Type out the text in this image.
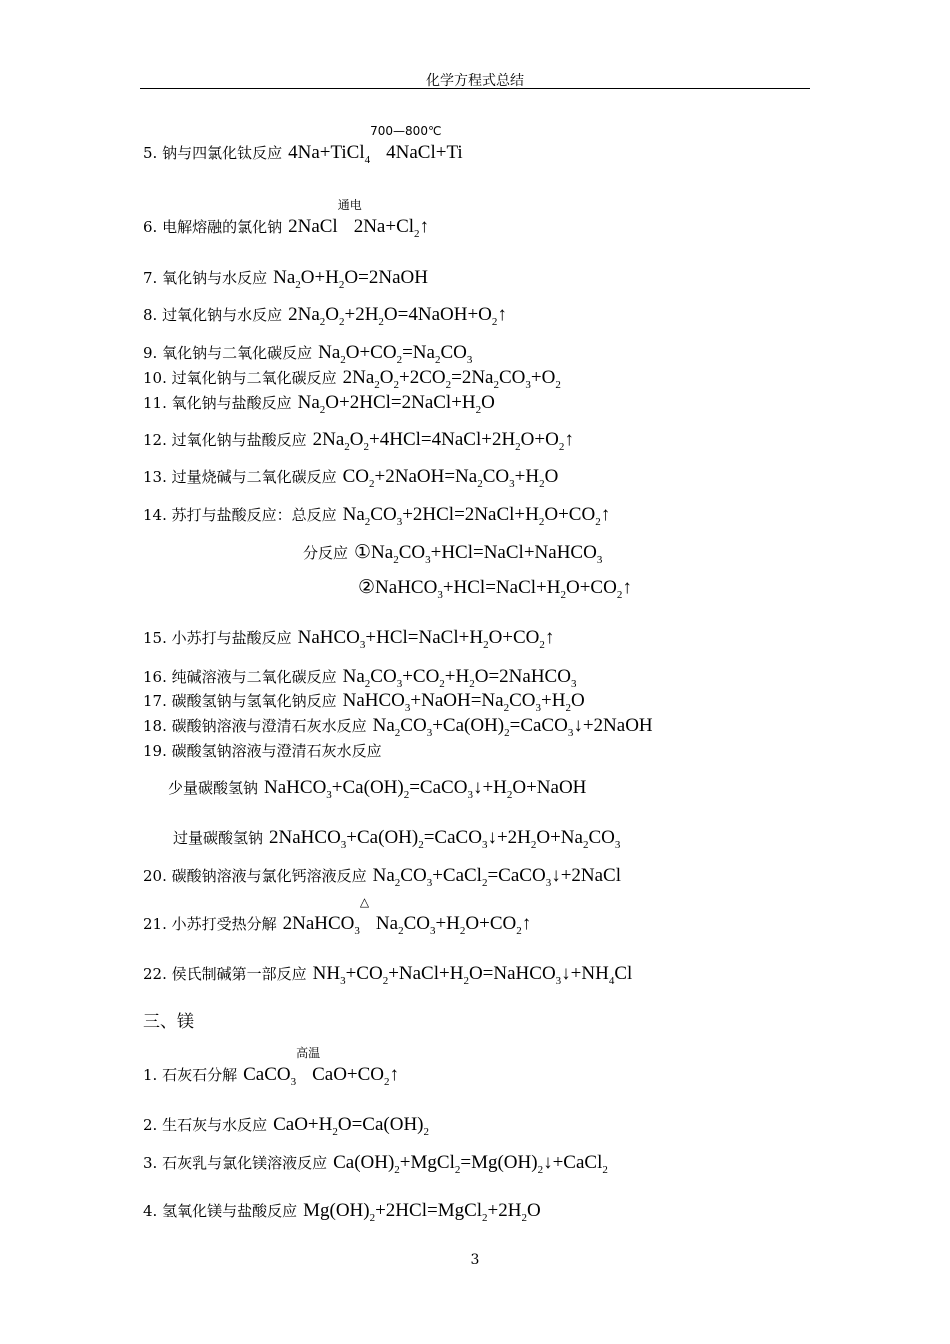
化学方程式总结
5. 钠与四氯化钛反应 4Na+TiCl$_4$
700—800℃
4NaCl+Ti
6. 电解熔融的氯化钠 2NaCl
通电
$2Na+Cl_2↑$
7. 氧化钠与水反应 $Na_2O+H_2O=2NaOH$
8. 过氧化钠与水反应 $2Na_2O_2+2H_2O=4NaOH+O_2↑$
9. 氧化钠与二氧化碳反应 $Na_2O+CO_2=Na_2CO_3$
10. 过氧化钠与二氧化碳反应 $2Na_2O_2+2CO_2=2Na_2CO_3+O_2$
11. 氧化钠与盐酸反应 $Na_2O+2HCl=2NaCl+H_2O$
12. 过氧化钠与盐酸反应 $2Na_2O_2+4HCl=4NaCl+2H_2O+O_2↑$
13. 过量烧碱与二氧化碳反应 $CO_2+2NaOH=Na_2CO_3+H_2O$
14. 苏打与盐酸反应：总反应 $Na_2CO_3+2HCl=2NaCl+H_2O+CO_2↑$
分反应 $①Na_2CO_3+HCl=NaCl+NaHCO_3$
$②NaHCO_3+HCl=NaCl+H_2O+CO_2↑$
15. 小苏打与盐酸反应 $NaHCO_3+HCl=NaCl+H_2O+CO_2↑$
16. 纯碱溶液与二氧化碳反应 $Na_2CO_3+CO_2+H_2O=2NaHCO_3$
17. 碳酸氢钠与氢氧化钠反应 $NaHCO_3+NaOH=Na_2CO_3+H_2O$
18. 碳酸钠溶液与澄清石灰水反应 $Na_2CO_3+Ca(OH)_2=CaCO_3↓+2NaOH$
19. 碳酸氢钠溶液与澄清石灰水反应
少量碳酸氢钠 $NaHCO_3+Ca(OH)_2=CaCO_3↓+H_2O+NaOH$
过量碳酸氢钠 $2NaHCO_3+Ca(OH)_2=CaCO_3↓+2H_2O+Na_2CO_3$
20. 碳酸钠溶液与氯化钙溶液反应 $Na_2CO_3+CaCl_2=CaCO_3↓+2NaCl$
21. 小苏打受热分解 2NaHCO$_3$
△
$Na_2CO_3+H_2O+CO_2↑$
22. 侯氏制碱第一部反应 $NH_3+CO_2+NaCl+H_2O=NaHCO_3↓+NH_4Cl$
三、镁
1. 石灰石分解 CaCO$_3$
高温
$CaO+CO_2↑$
2. 生石灰与水反应 $CaO+H_2O=Ca(OH)_2$
3. 石灰乳与氯化镁溶液反应 $Ca(OH)_2+MgCl_2=Mg(OH)_2↓+CaCl_2$
4. 氢氧化镁与盐酸反应 $Mg(OH)_2+2HCl=MgCl_2+2H_2O$
3
